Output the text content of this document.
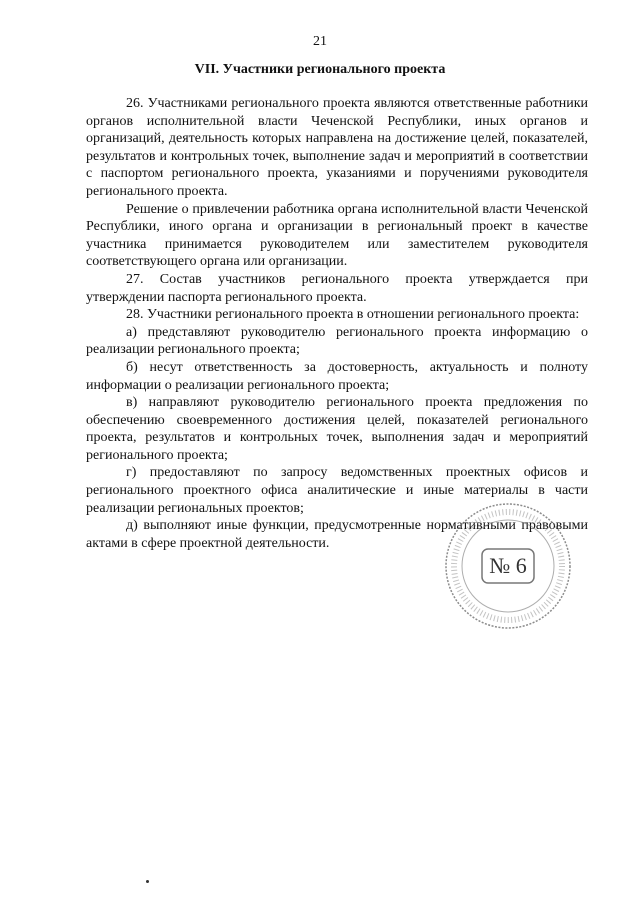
21
VII. Участники регионального проекта

26. Участниками регионального проекта являются ответственные работники органов исполнительной власти Чеченской Республики, иных органов и организаций, деятельность которых направлена на достижение целей, показателей, результатов и контрольных точек, выполнение задач и мероприятий в соответствии с паспортом регионального проекта, указаниями и поручениями руководителя регионального проекта.

Решение о привлечении работника органа исполнительной власти Чеченской Республики, иного органа и организации в региональный проект в качестве участника принимается руководителем или заместителем руководителя соответствующего органа или организации.

27. Состав участников регионального проекта утверждается при утверждении паспорта регионального проекта.

28. Участники регионального проекта в отношении регионального проекта:

а) представляют руководителю регионального проекта информацию о реализации регионального проекта;

б) несут ответственность за достоверность, актуальность и полноту информации о реализации регионального проекта;

в) направляют руководителю регионального проекта предложения по обеспечению своевременного достижения целей, показателей регионального проекта, результатов и контрольных точек, выполнения задач и мероприятий регионального проекта;

г) предоставляют по запросу ведомственных проектных офисов и регионального проектного офиса аналитические и иные материалы в части реализации региональных проектов;

д) выполняют иные функции, предусмотренные нормативными правовыми актами в сфере проектной деятельности.

№ 6
